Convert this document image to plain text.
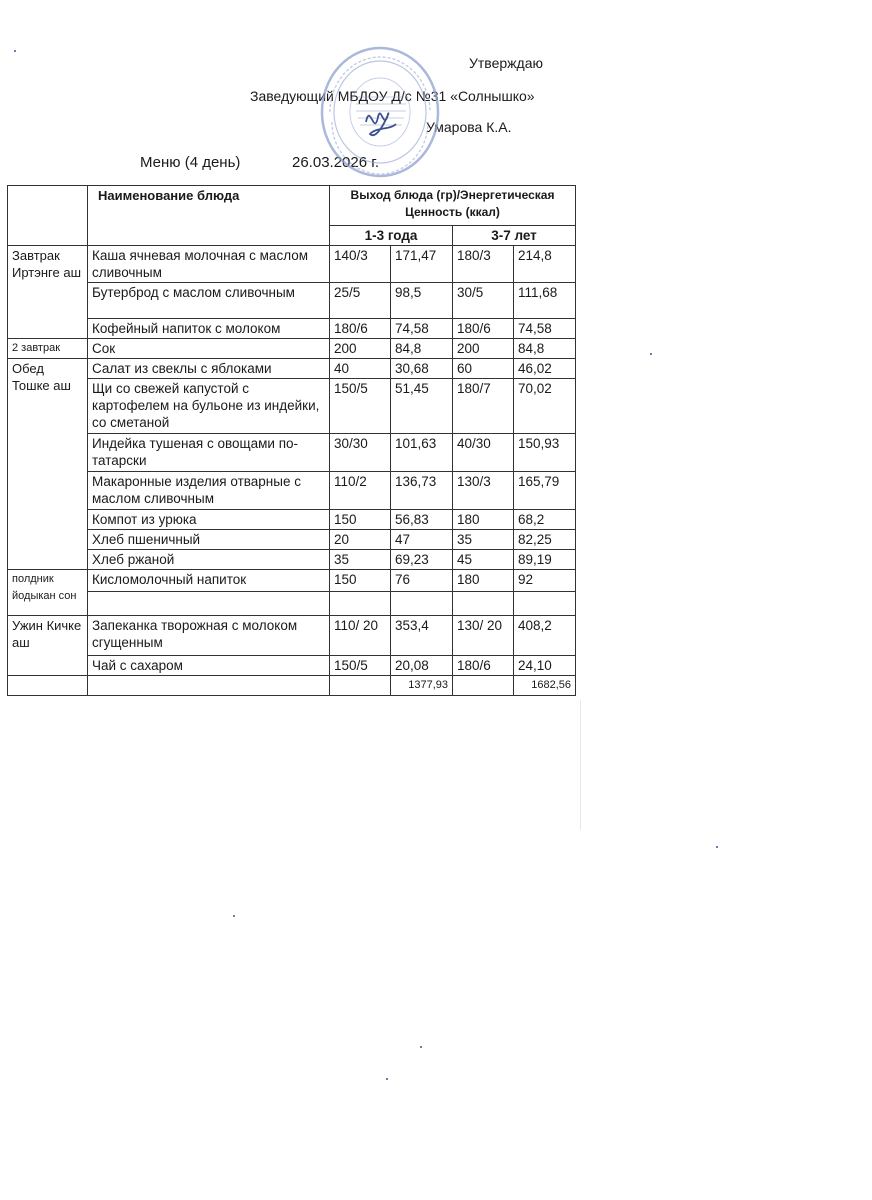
Утверждаю
Заведующий МБДОУ Д/с №31 «Солнышко»
Умарова К.А.
Меню (4 день)	26.03.2026 г.
	Наименование блюда	Выход блюда (гр)/Энергетическая Ценность (ккал)			
		1-3 года		3-7 лет	
Завтрак Иртэнге аш	Каша ячневая молочная с маслом сливочным	140/3	171,47	180/3	214,8
	Бутерброд с маслом сливочным	25/5	98,5	30/5	111,68
	Кофейный напиток с молоком	180/6	74,58	180/6	74,58
2 завтрак	Сок	200	84,8	200	84,8
Обед Тошке аш	Салат из свеклы с яблоками	40	30,68	60	46,02
	Щи со свежей капустой с картофелем на бульоне из индейки, со сметаной	150/5	51,45	180/7	70,02
	Индейка тушеная с овощами по-татарски	30/30	101,63	40/30	150,93
	Макаронные изделия отварные с маслом сливочным	110/2	136,73	130/3	165,79
	Компот из урюка	150	56,83	180	68,2
	Хлеб пшеничный	20	47	35	82,25
	Хлеб ржаной	35	69,23	45	89,19
полдник йодыкан сон	Кисломолочный напиток	150	76	180	92

Ужин Кичке аш	Запеканка творожная с молоком сгущенным	110/ 20	353,4	130/ 20	408,2
	Чай с сахаром	150/5	20,08	180/6	24,10
			1377,93		1682,56
